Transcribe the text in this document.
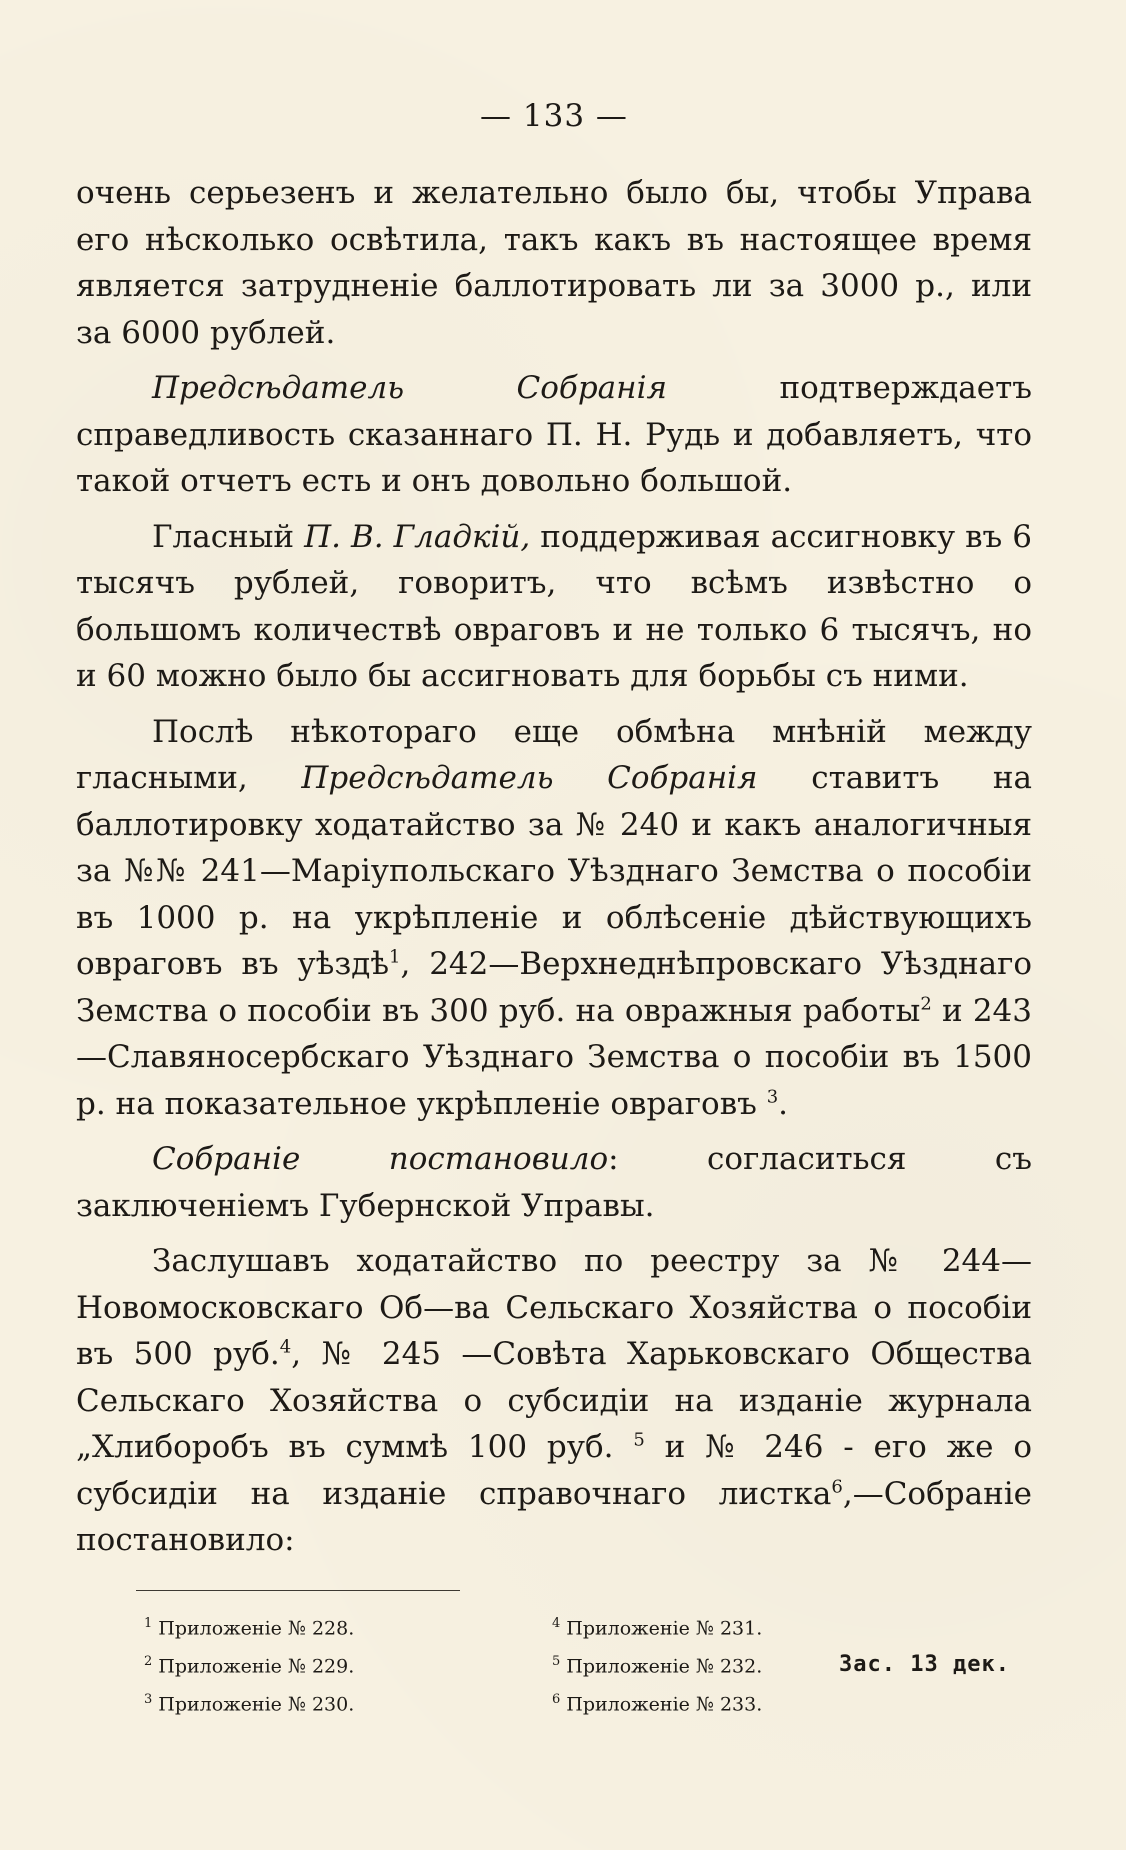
— 133 —

очень серьезенъ и желательно было бы, чтобы Управа его нѣсколько освѣтила, такъ какъ въ настоящее время является затрудненіе баллотировать ли за 3000 р., или за 6000 рублей.

Предсѣдатель Собранія подтверждаетъ справедливость сказаннаго П. Н. Рудь и добавляетъ, что такой отчетъ есть и онъ довольно большой.

Гласный П. В. Гладкій, поддерживая ассигновку въ 6 тысячъ рублей, говоритъ, что всѣмъ извѣстно о большомъ количествѣ овраговъ и не только 6 тысячъ, но и 60 можно было бы ассигновать для борьбы съ ними.

Послѣ нѣкотораго еще обмѣна мнѣній между гласными, Предсѣдатель Собранія ставитъ на баллотировку ходатайство за № 240 и какъ аналогичныя за №№ 241—Маріупольскаго Уѣзднаго Земства о пособіи въ 1000 р. на укрѣпленіе и облѣсеніе дѣйствующихъ овраговъ въ уѣздѣ$^1$, 242—Верхнеднѣпровскаго Уѣзднаго Земства о пособіи въ 300 руб. на овражныя работы$^2$ и 243—Славяносербскаго Уѣзднаго Земства о пособіи въ 1500 р. на показательное укрѣпленіе овраговъ $^3$.

Собраніе постановило: согласиться съ заключеніемъ Губернской Управы.

Заслушавъ ходатайство по реестру за № 244—Новомосковскаго Об—ва Сельскаго Хозяйства о пособіи въ 500 руб.$^4$, № 245 —Совѣта Харьковскаго Общества Сельскаго Хозяйства о субсидіи на изданіе журнала „Хлиборобъ въ суммѣ 100 руб. $^5$ и № 246 - его же о субсидіи на изданіе справочнаго листка$^6$,—Собраніе постановило:

$^1$ Приложеніе № 228.
$^2$ Приложеніе № 229.
$^3$ Приложеніе № 230.
$^4$ Приложеніе № 231.
$^5$ Приложеніе № 232.
$^6$ Приложеніе № 233.
Зас. 13 дек.
